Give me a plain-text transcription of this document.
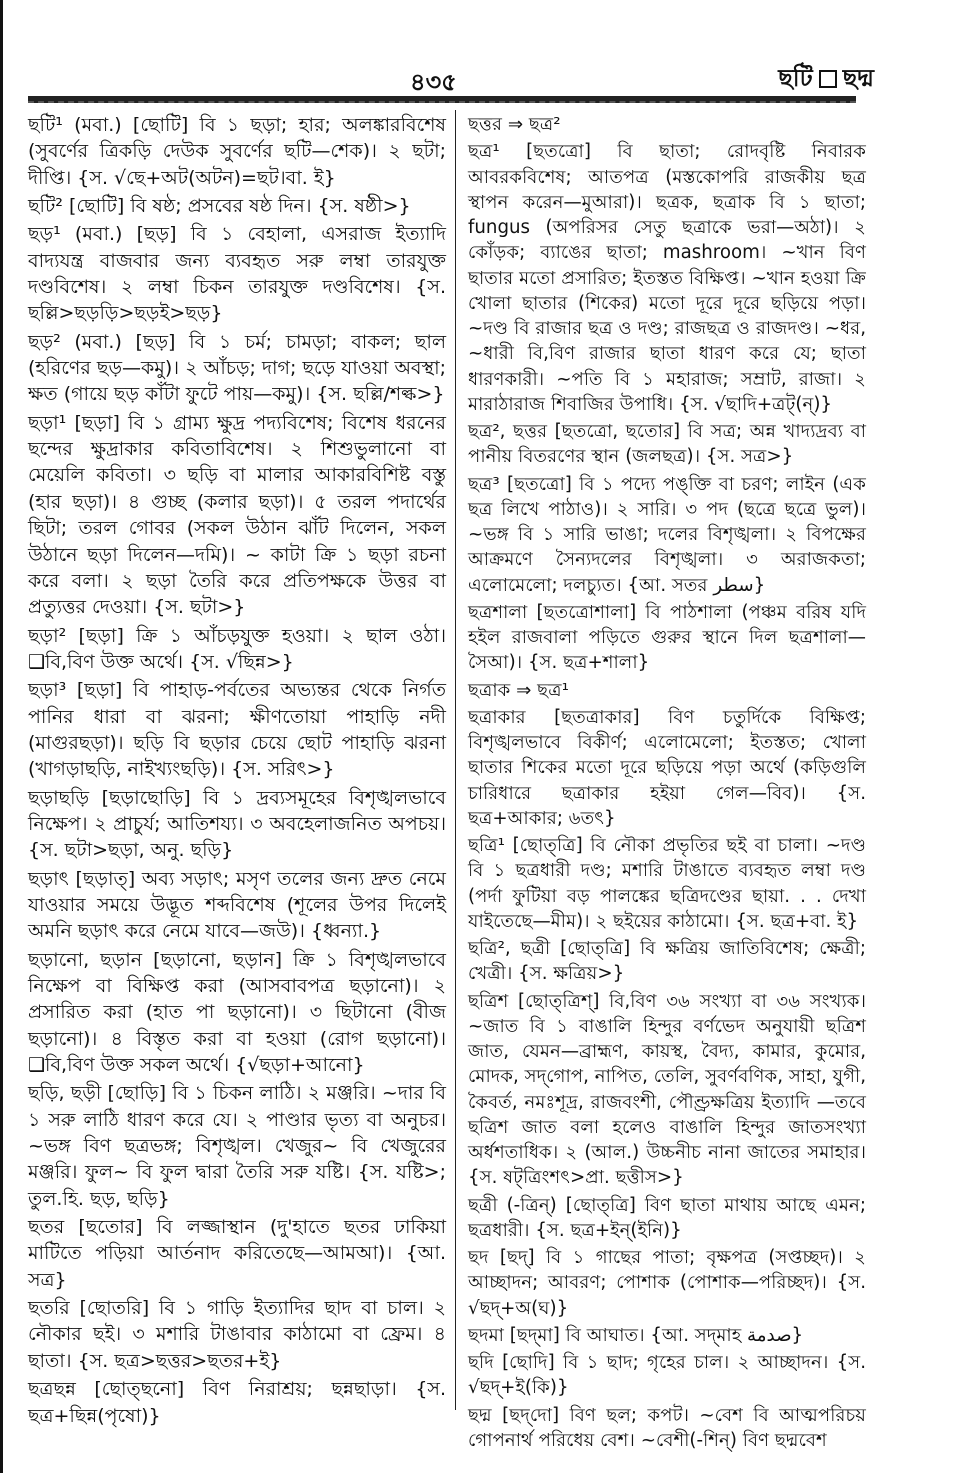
৪৩৫	ছটি ছদ্ম

ছটি¹ (মবা.) [ছোটি] বি ১ ছড়া; হার; অলঙ্কারবিশেষ (সুবর্ণের ত্রিকড়ি দেউক সুবর্ণের ছটি—শেক)। ২ ছটা; দীপ্তি। {স. √ছে+অট(অটন)=ছট।বা. ই}

ছটি² [ছোটি] বি ষষ্ঠ; প্রসবের ষষ্ঠ দিন। {স. ষষ্ঠী>}

ছড়¹ (মবা.) [ছড়] বি ১ বেহালা, এসরাজ ইত্যাদি বাদ্যযন্ত্র বাজবার জন্য ব্যবহৃত সরু লম্বা তারযুক্ত দণ্ডবিশেষ। ২ লম্বা চিকন তারযুক্ত দণ্ডবিশেষ। {স. ছল্লি>ছড়ড়ি>ছড়ই>ছড়}

ছড়² (মবা.) [ছড়] বি ১ চর্ম; চামড়া; বাকল; ছাল (হরিণের ছড়—কমু)। ২ আঁচড়; দাগ; ছড়ে যাওয়া অবস্থা; ক্ষত (গায়ে ছড় কাঁটা ফুটে পায়—কমু)। {স. ছল্লি/শল্ক>}

ছড়া¹ [ছড়া] বি ১ গ্রাম্য ক্ষুদ্র পদ্যবিশেষ; বিশেষ ধরনের ছন্দের ক্ষুদ্রাকার কবিতাবিশেষ। ২ শিশুভুলানো বা মেয়েলি কবিতা। ৩ ছড়ি বা মালার আকারবিশিষ্ট বস্তু (হার ছড়া)। ৪ গুচ্ছ (কলার ছড়া)। ৫ তরল পদার্থের ছিটা; তরল গোবর (সকল উঠান ঝাঁট দিলেন, সকল উঠানে ছড়া দিলেন—দমি)। ~ কাটা ক্রি ১ ছড়া রচনা করে বলা। ২ ছড়া তৈরি করে প্রতিপক্ষকে উত্তর বা প্রত্যুত্তর দেওয়া। {স. ছটা>}

ছড়া² [ছড়া] ক্রি ১ আঁচড়যুক্ত হওয়া। ২ ছাল ওঠা। ❑বি,বিণ উক্ত অর্থে। {স. √ছিন্ন>}

ছড়া³ [ছড়া] বি পাহাড়-পর্বতের অভ্যন্তর থেকে নির্গত পানির ধারা বা ঝরনা; ক্ষীণতোয়া পাহাড়ি নদী (মাগুরছড়া)। ছড়ি বি ছড়ার চেয়ে ছোট পাহাড়ি ঝরনা (খাগড়াছড়ি, নাইখ্যংছড়ি)। {স. সরিৎ>}

ছড়াছড়ি [ছড়াছোড়ি] বি ১ দ্রব্যসমূহের বিশৃঙ্খলভাবে নিক্ষেপ। ২ প্রাচুর্য; আতিশয্য। ৩ অবহেলাজনিত অপচয়। {স. ছটা>ছড়া, অনু. ছড়ি}

ছড়াৎ [ছড়াত্] অব্য সড়াৎ; মসৃণ তলের জন্য দ্রুত নেমে যাওয়ার সময়ে উদ্ভূত শব্দবিশেষ (শূলের উপর দিলেই অমনি ছড়াৎ করে নেমে যাবে—জউ)। {ধ্বন্যা.}

ছড়ানো, ছড়ান [ছড়ানো, ছড়ান] ক্রি ১ বিশৃঙ্খলভাবে নিক্ষেপ বা বিক্ষিপ্ত করা (আসবাবপত্র ছড়ানো)। ২ প্রসারিত করা (হাত পা ছড়ানো)। ৩ ছিটানো (বীজ ছড়ানো)। ৪ বিস্তৃত করা বা হওয়া (রোগ ছড়ানো)। ❑বি,বিণ উক্ত সকল অর্থে। {√ছড়া+আনো}

ছড়ি, ছড়ী [ছোড়ি] বি ১ চিকন লাঠি। ২ মঞ্জরি। ~দার বি ১ সরু লাঠি ধারণ করে যে। ২ পাণ্ডার ভৃত্য বা অনুচর। ~ভঙ্গ বিণ ছত্রভঙ্গ; বিশৃঙ্খল। খেজুর~ বি খেজুরের মঞ্জরি। ফুল~ বি ফুল দ্বারা তৈরি সরু যষ্টি। {স. যষ্টি>; তুল.হি. ছড়, ছড়ি}

ছতর [ছতোর] বি লজ্জাস্থান (দু'হাতে ছতর ঢাকিয়া মাটিতে পড়িয়া আর্তনাদ করিতেছে—আমআ)। {আ. সত্র}

ছতরি [ছোতরি] বি ১ গাড়ি ইত্যাদির ছাদ বা চাল। ২ নৌকার ছই। ৩ মশারি টাঙাবার কাঠামো বা ফ্রেম। ৪ ছাতা। {স. ছত্র>ছত্তর>ছতর+ই}

ছত্রছন্ন [ছোত্‌ছনো] বিণ নিরাশ্রয়; ছন্নছাড়া। {স. ছত্র+ছিন্ন(পৃষো)}

ছত্তর ⇒ ছত্র²

ছত্র¹ [ছতত্রো] বি ছাতা; রোদবৃষ্টি নিবারক আবরকবিশেষ; আতপত্র (মস্তকোপরি রাজকীয় ছত্র স্থাপন করেন—মুআরা)। ছত্রক, ছত্রাক বি ১ ছাতা; fungus (অপরিসর সেতু ছত্রাকে ভরা—অঠা)। ২ কোঁড়ক; ব্যাঙের ছাতা; mashroom। ~খান বিণ ছাতার মতো প্রসারিত; ইতস্তত বিক্ষিপ্ত। ~খান হওয়া ক্রি খোলা ছাতার (শিকের) মতো দূরে দূরে ছড়িয়ে পড়া। ~দণ্ড বি রাজার ছত্র ও দণ্ড; রাজছত্র ও রাজদণ্ড। ~ধর, ~ধারী বি,বিণ রাজার ছাতা ধারণ করে যে; ছাতা ধারণকারী। ~পতি বি ১ মহারাজ; সম্রাট, রাজা। ২ মারাঠারাজ শিবাজির উপাধি। {স. √ছাদি+ত্রট্‌(ন্‌)}

ছত্র², ছত্তর [ছতত্রো, ছতোর] বি সত্র; অন্ন খাদ্যদ্রব্য বা পানীয় বিতরণের স্থান (জলছত্র)। {স. সত্র>}

ছত্র³ [ছতত্রো] বি ১ পদ্যে পঙ্‌ক্তি বা চরণ; লাইন (এক ছত্র লিখে পাঠাও)। ২ সারি। ৩ পদ (ছত্রে ছত্রে ভুল)। ~ভঙ্গ বি ১ সারি ভাঙা; দলের বিশৃঙ্খলা। ২ বিপক্ষের আক্রমণে সৈন্যদলের বিশৃঙ্খলা। ৩ অরাজকতা; এলোমেলো; দলচ্যুত। {আ. সতর سطر}

ছত্রশালা [ছতত্রোশালা] বি পাঠশালা (পঞ্চম বরিষ যদি হইল রাজবালা পড়িতে গুরুর স্থানে দিল ছত্রশালা—সৈআ)। {স. ছত্র+শালা}

ছত্রাক ⇒ ছত্র¹

ছত্রাকার [ছতত্রাকার] বিণ চতুর্দিকে বিক্ষিপ্ত; বিশৃঙ্খলভাবে বিকীর্ণ; এলোমেলো; ইতস্তত; খোলা ছাতার শিকের মতো দূরে ছড়িয়ে পড়া অর্থে (কড়িগুলি চারিধারে ছত্রাকার হইয়া গেল—বিব)। {স. ছত্র+আকার; ৬তৎ}

ছত্রি¹ [ছোত্‌ত্রি] বি নৌকা প্রভৃতির ছই বা চালা। ~দণ্ড বি ১ ছত্রধারী দণ্ড; মশারি টাঙাতে ব্যবহৃত লম্বা দণ্ড (পর্দা ফুটিয়া বড় পালঙ্কের ছত্রিদণ্ডের ছায়া. . . দেখা যাইতেছে—মীম)। ২ ছইয়ের কাঠামো। {স. ছত্র+বা. ই}

ছত্রি², ছত্রী [ছোত্‌ত্রি] বি ক্ষত্রিয় জাতিবিশেষ; ক্ষেত্রী; খেত্রী। {স. ক্ষত্রিয়>}

ছত্রিশ [ছোত্‌ত্রিশ্‌] বি,বিণ ৩৬ সংখ্যা বা ৩৬ সংখ্যক। ~জাত বি ১ বাঙালি হিন্দুর বর্ণভেদ অনুযায়ী ছত্রিশ জাত, যেমন—ব্রাহ্মণ, কায়স্থ, বৈদ্য, কামার, কুমোর, মোদক, সদ্‌গোপ, নাপিত, তেলি, সুবর্ণবণিক, সাহা, যুগী, কৈবর্ত, নমঃশূদ্র, রাজবংশী, পৌণ্ড্রক্ষত্রিয় ইত্যাদি —তবে ছত্রিশ জাত বলা হলেও বাঙালি হিন্দুর জাতসংখ্যা অর্ধশতাধিক। ২ (আল.) উচ্চনীচ নানা জাতের সমাহার। {স. ষট্‌ত্রিংশৎ>প্রা. ছত্তীস>}

ছত্রী (-ত্রিন্‌) [ছোত্‌ত্রি] বিণ ছাতা মাথায় আছে এমন; ছত্রধারী। {স. ছত্র+ইন্‌(ইনি)}

ছদ [ছদ্‌] বি ১ গাছের পাতা; বৃক্ষপত্র (সপ্তচ্ছদ)। ২ আচ্ছাদন; আবরণ; পোশাক (পোশাক—পরিচ্ছদ)। {স. √ছদ্‌+অ(ঘ)}

ছদমা [ছদ্‌মা] বি আঘাত। {আ. সদ্‌মাহ صدمة}

ছদি [ছোদি] বি ১ ছাদ; গৃহের চাল। ২ আচ্ছাদন। {স. √ছদ্‌+ই(কি)}

ছদ্ম [ছদ্‌দো] বিণ ছল; কপট। ~বেশ বি আত্মপরিচয় গোপনার্থ পরিধেয় বেশ। ~বেশী(-শিন্‌) বিণ ছদ্মবেশ
